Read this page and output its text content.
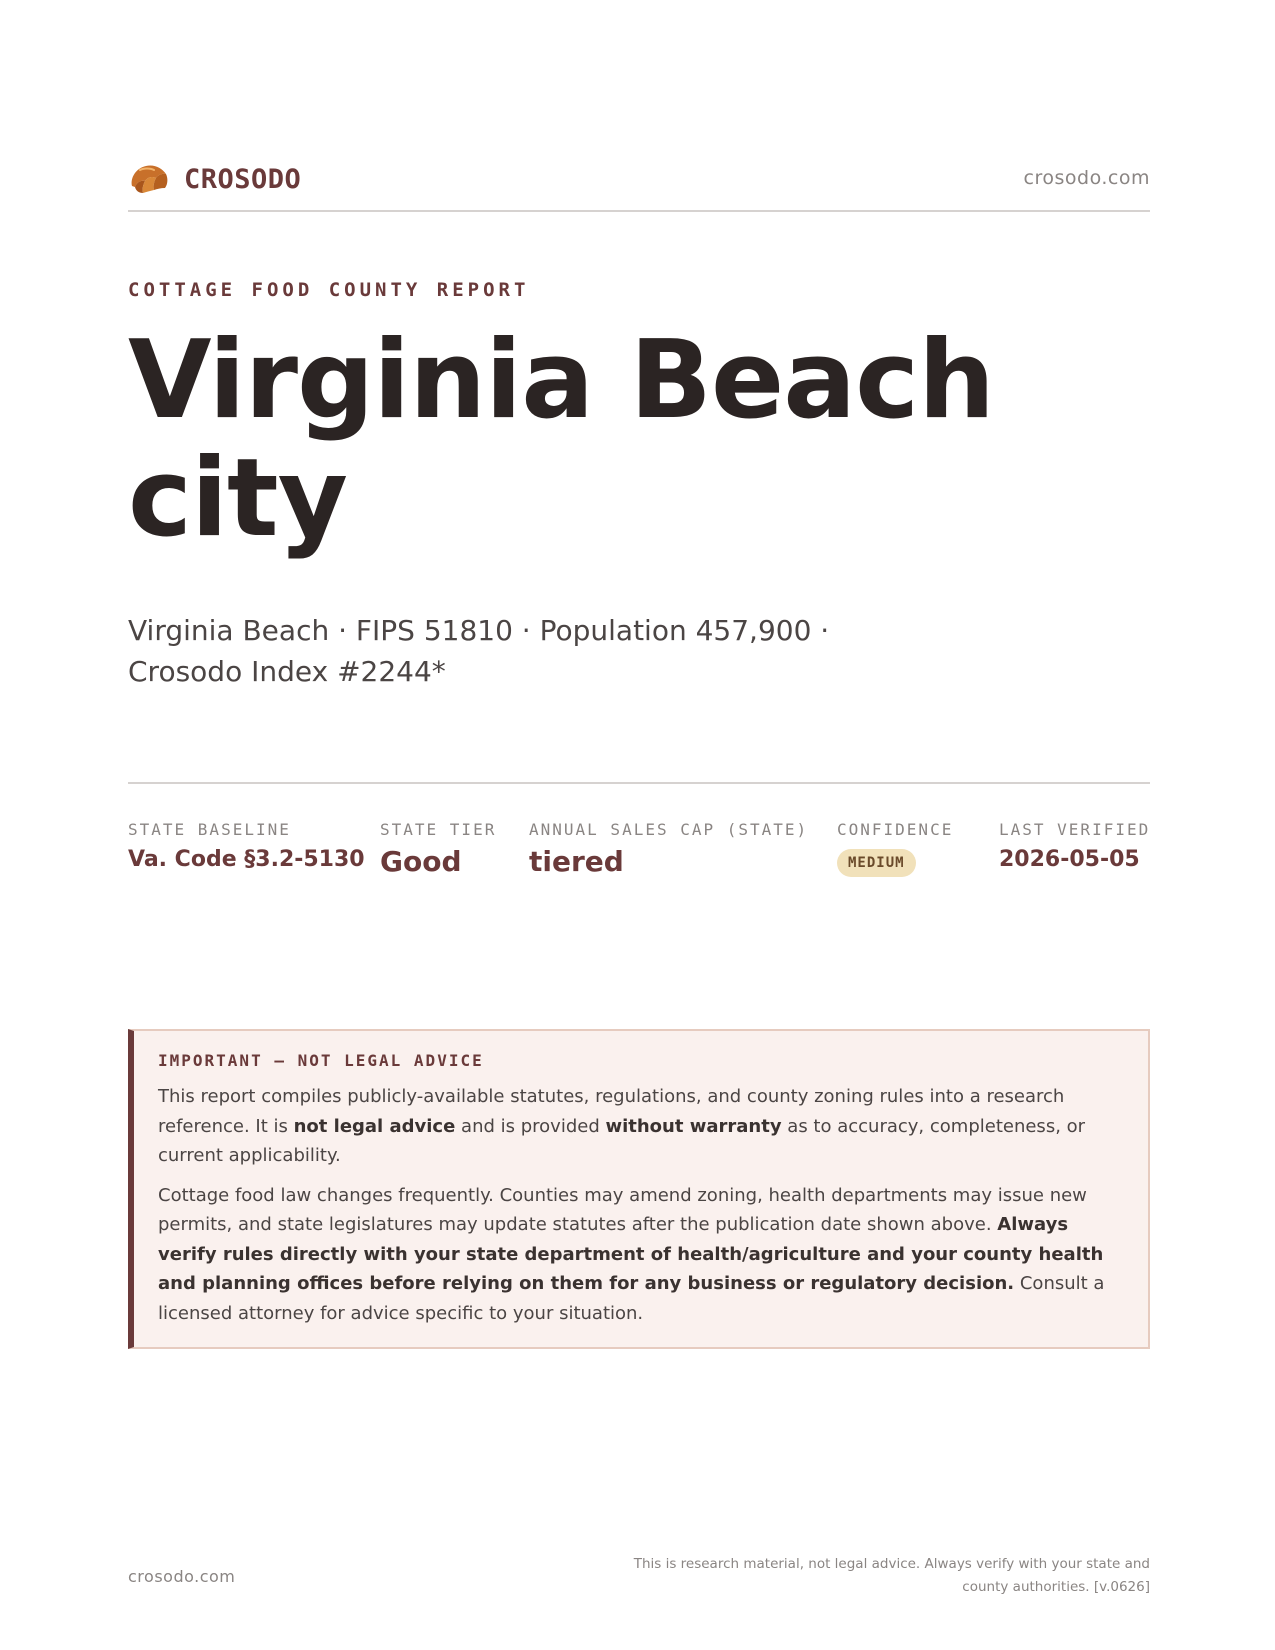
CROSODO	crosodo.com
COTTAGE FOOD COUNTY REPORT
Virginia Beach city
Virginia Beach · FIPS 51810 · Population 457,900 · Crosodo Index #2244*
STATE BASELINE
Va. Code §3.2-5130
STATE TIER
Good
ANNUAL SALES CAP (STATE)
tiered
CONFIDENCE
MEDIUM
LAST VERIFIED
2026-05-05
IMPORTANT — NOT LEGAL ADVICE

This report compiles publicly-available statutes, regulations, and county zoning rules into a research reference. It is not legal advice and is provided without warranty as to accuracy, completeness, or current applicability.

Cottage food law changes frequently. Counties may amend zoning, health departments may issue new permits, and state legislatures may update statutes after the publication date shown above. Always verify rules directly with your state department of health/agriculture and your county health and planning offices before relying on them for any business or regulatory decision. Consult a licensed attorney for advice specific to your situation.

crosodo.com
This is research material, not legal advice. Always verify with your state and county authorities. [v.0626]
